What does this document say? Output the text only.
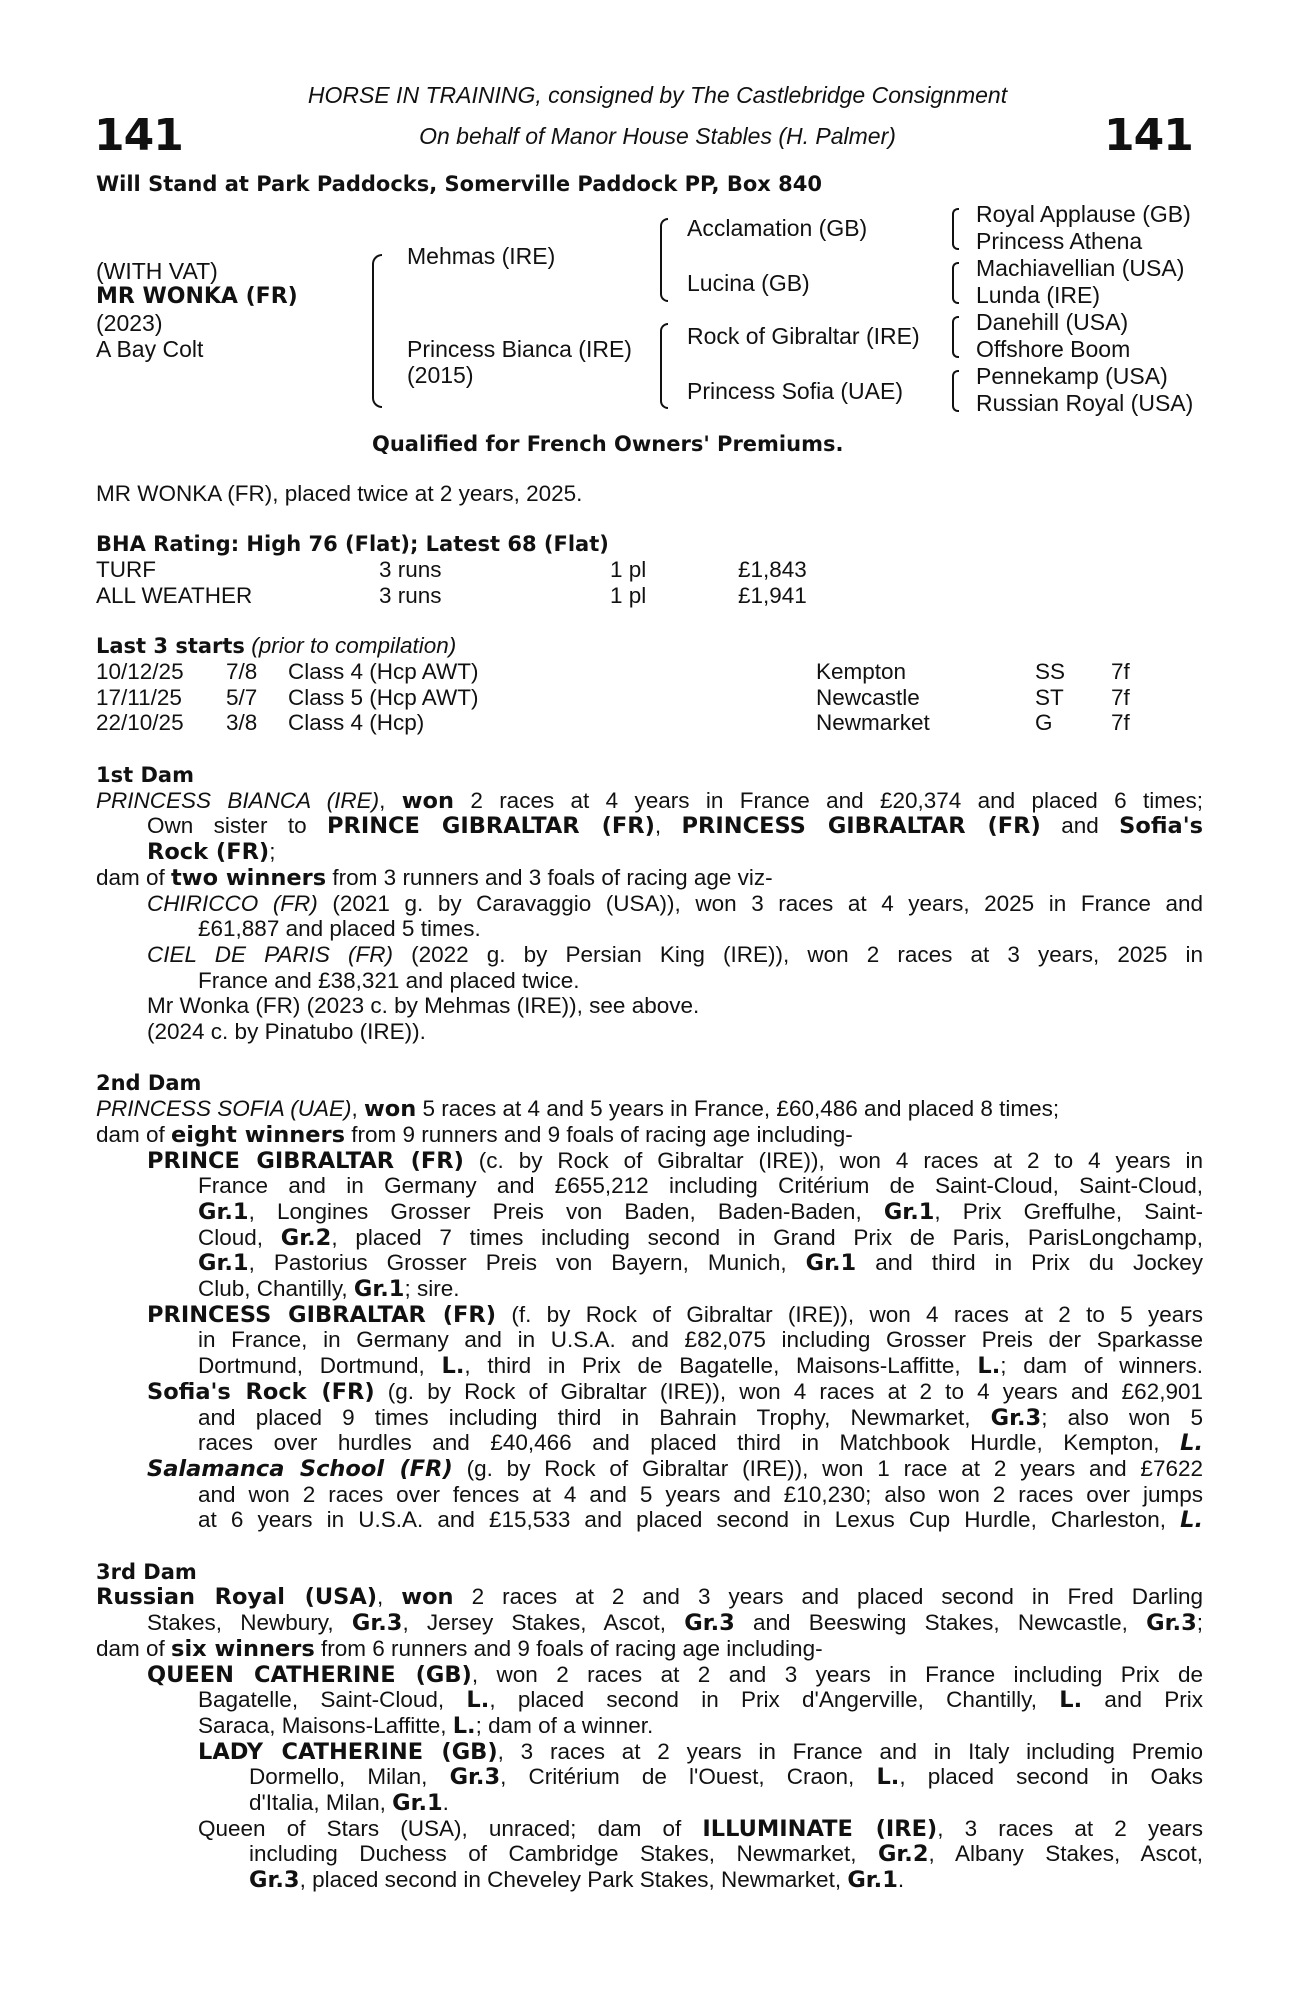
141	141
HORSE IN TRAINING, consigned by The Castlebridge Consignment
On behalf of Manor House Stables (H. Palmer)
Will Stand at Park Paddocks, Somerville Paddock PP, Box 840
(WITH VAT)
MR WONKA (FR)
(2023)
A Bay Colt
Mehmas (IRE)
Princess Bianca (IRE)
(2015)
Acclamation (GB)
Lucina (GB)
Rock of Gibraltar (IRE)
Princess Sofia (UAE)
Royal Applause (GB)
Princess Athena
Machiavellian (USA)
Lunda (IRE)
Danehill (USA)
Offshore Boom
Pennekamp (USA)
Russian Royal (USA)
Qualified for French Owners' Premiums.
MR WONKA (FR), placed twice at 2 years, 2025.
BHA Rating: High 76 (Flat); Latest 68 (Flat)
TURF	3 runs	1 pl	£1,843
ALL WEATHER	3 runs	1 pl	£1,941
Last 3 starts (prior to compilation)
10/12/25 7/8 Class 4 (Hcp AWT)	Kempton	SS 7f
17/11/25 5/7 Class 5 (Hcp AWT)	Newcastle	ST 7f
22/10/25 3/8 Class 4 (Hcp)	Newmarket	G	7f
1st Dam
PRINCESS BIANCA (IRE), won 2 races at 4 years in France and £20,374 and placed 6 times;
Own sister to PRINCE GIBRALTAR (FR), PRINCESS GIBRALTAR (FR) and Sofia's
Rock (FR);
dam of two winners from 3 runners and 3 foals of racing age viz-
CHIRICCO (FR) (2021 g. by Caravaggio (USA)), won 3 races at 4 years, 2025 in France and
£61,887 and placed 5 times.
CIEL DE PARIS (FR) (2022 g. by Persian King (IRE)), won 2 races at 3 years, 2025 in
France and £38,321 and placed twice.
Mr Wonka (FR) (2023 c. by Mehmas (IRE)), see above.
(2024 c. by Pinatubo (IRE)).
2nd Dam
PRINCESS SOFIA (UAE), won 5 races at 4 and 5 years in France, £60,486 and placed 8 times;
dam of eight winners from 9 runners and 9 foals of racing age including-
PRINCE GIBRALTAR (FR) (c. by Rock of Gibraltar (IRE)), won 4 races at 2 to 4 years in
France and in Germany and £655,212 including Critérium de Saint-Cloud, Saint-Cloud,
Gr.1, Longines Grosser Preis von Baden, Baden-Baden, Gr.1, Prix Greffulhe, Saint-
Cloud, Gr.2, placed 7 times including second in Grand Prix de Paris, ParisLongchamp,
Gr.1, Pastorius Grosser Preis von Bayern, Munich, Gr.1 and third in Prix du Jockey
Club, Chantilly, Gr.1; sire.
PRINCESS GIBRALTAR (FR) (f. by Rock of Gibraltar (IRE)), won 4 races at 2 to 5 years
in France, in Germany and in U.S.A. and £82,075 including Grosser Preis der Sparkasse
Dortmund, Dortmund, L., third in Prix de Bagatelle, Maisons-Laffitte, L.; dam of winners.
Sofia's Rock (FR) (g. by Rock of Gibraltar (IRE)), won 4 races at 2 to 4 years and £62,901
and placed 9 times including third in Bahrain Trophy, Newmarket, Gr.3; also won 5
races over hurdles and £40,466 and placed third in Matchbook Hurdle, Kempton, L.
Salamanca School (FR) (g. by Rock of Gibraltar (IRE)), won 1 race at 2 years and £7622
and won 2 races over fences at 4 and 5 years and £10,230; also won 2 races over jumps
at 6 years in U.S.A. and £15,533 and placed second in Lexus Cup Hurdle, Charleston, L.
3rd Dam
Russian Royal (USA), won 2 races at 2 and 3 years and placed second in Fred Darling
Stakes, Newbury, Gr.3, Jersey Stakes, Ascot, Gr.3 and Beeswing Stakes, Newcastle, Gr.3;
dam of six winners from 6 runners and 9 foals of racing age including-
QUEEN CATHERINE (GB), won 2 races at 2 and 3 years in France including Prix de
Bagatelle, Saint-Cloud, L., placed second in Prix d'Angerville, Chantilly, L. and Prix
Saraca, Maisons-Laffitte, L.; dam of a winner.
LADY CATHERINE (GB), 3 races at 2 years in France and in Italy including Premio
Dormello, Milan, Gr.3, Critérium de l'Ouest, Craon, L., placed second in Oaks
d'Italia, Milan, Gr.1.
Queen of Stars (USA), unraced; dam of ILLUMINATE (IRE), 3 races at 2 years
including Duchess of Cambridge Stakes, Newmarket, Gr.2, Albany Stakes, Ascot,
Gr.3, placed second in Cheveley Park Stakes, Newmarket, Gr.1.
